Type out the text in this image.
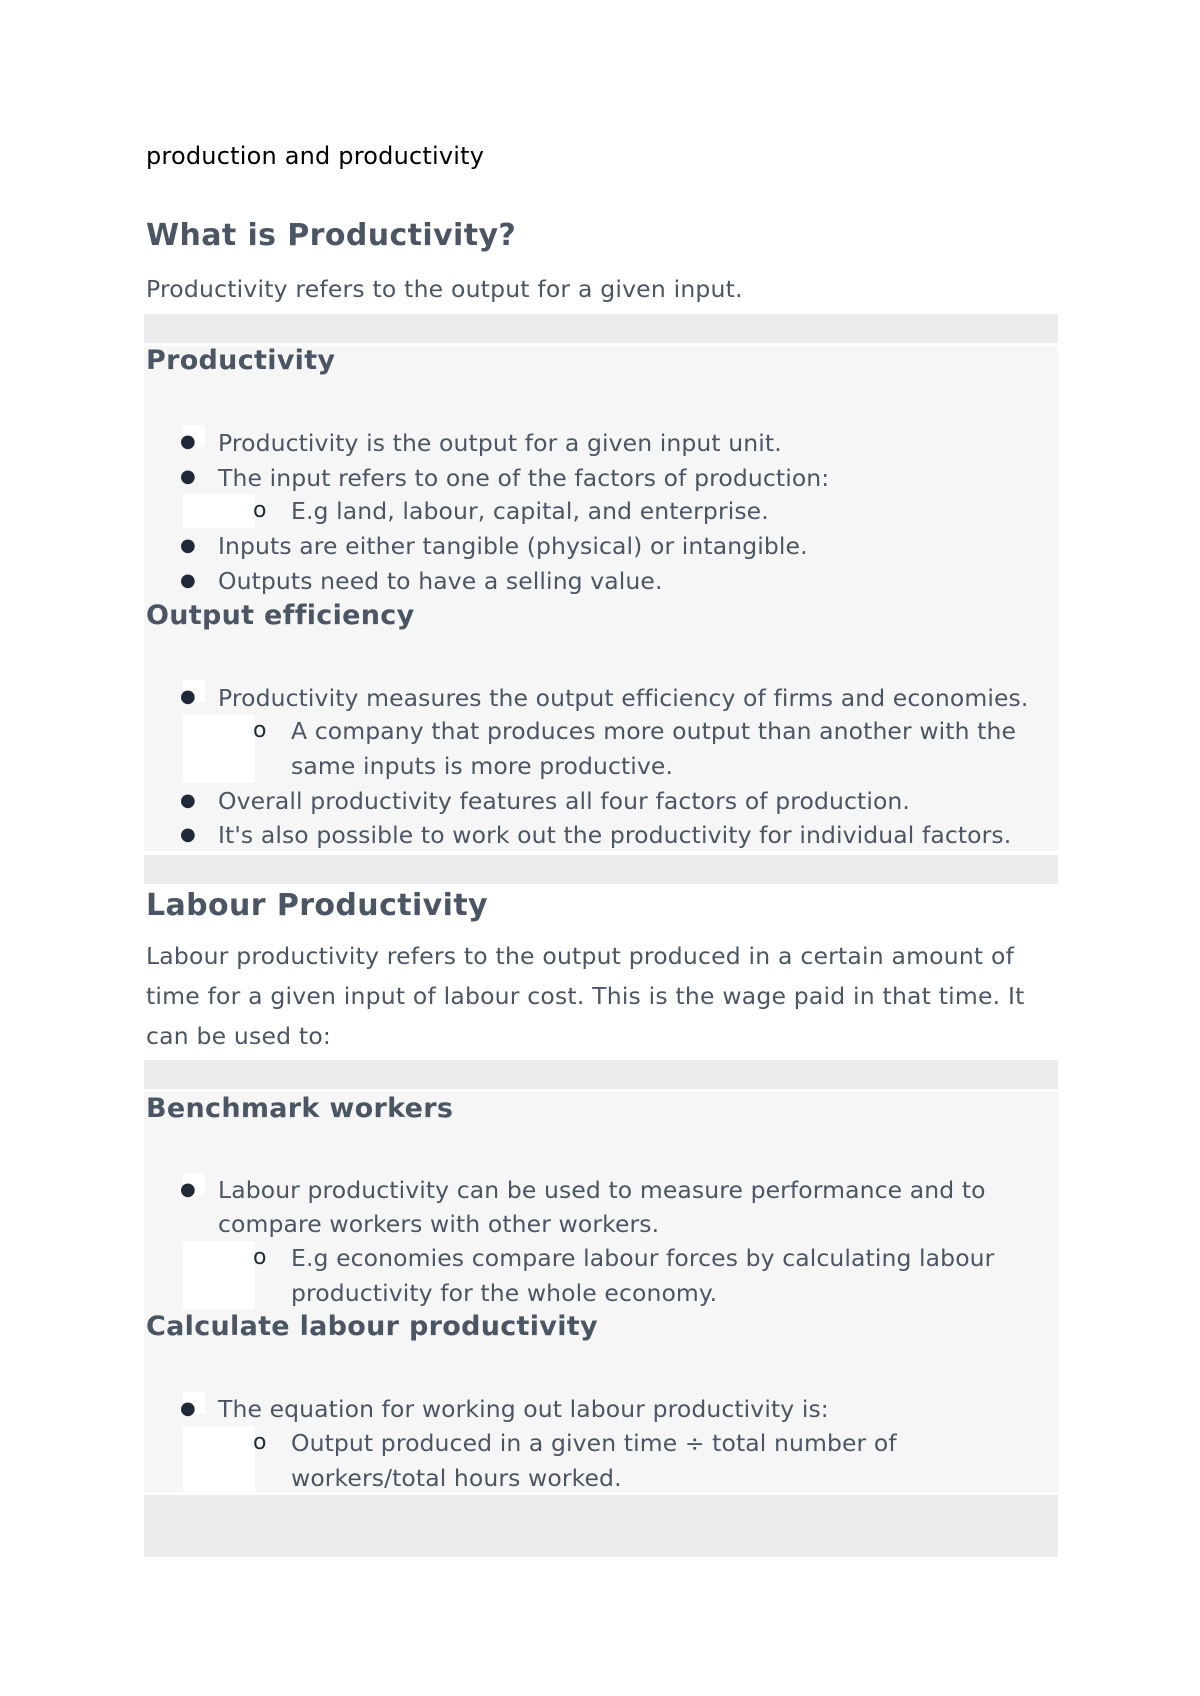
production and productivity
What is Productivity?
Productivity refers to the output for a given input.
Productivity
● Productivity is the output for a given input unit.
● The input refers to one of the factors of production:
o E.g land, labour, capital, and enterprise.
● Inputs are either tangible (physical) or intangible.
● Outputs need to have a selling value.
Output efficiency
● Productivity measures the output efficiency of firms and economies.
o A company that produces more output than another with the
same inputs is more productive.
● Overall productivity features all four factors of production.
● It's also possible to work out the productivity for individual factors.
Labour Productivity
Labour productivity refers to the output produced in a certain amount of
time for a given input of labour cost. This is the wage paid in that time. It
can be used to:
Benchmark workers
● Labour productivity can be used to measure performance and to
compare workers with other workers.
o E.g economies compare labour forces by calculating labour
productivity for the whole economy.
Calculate labour productivity
● The equation for working out labour productivity is:
o Output produced in a given time ÷ total number of
workers/total hours worked.
